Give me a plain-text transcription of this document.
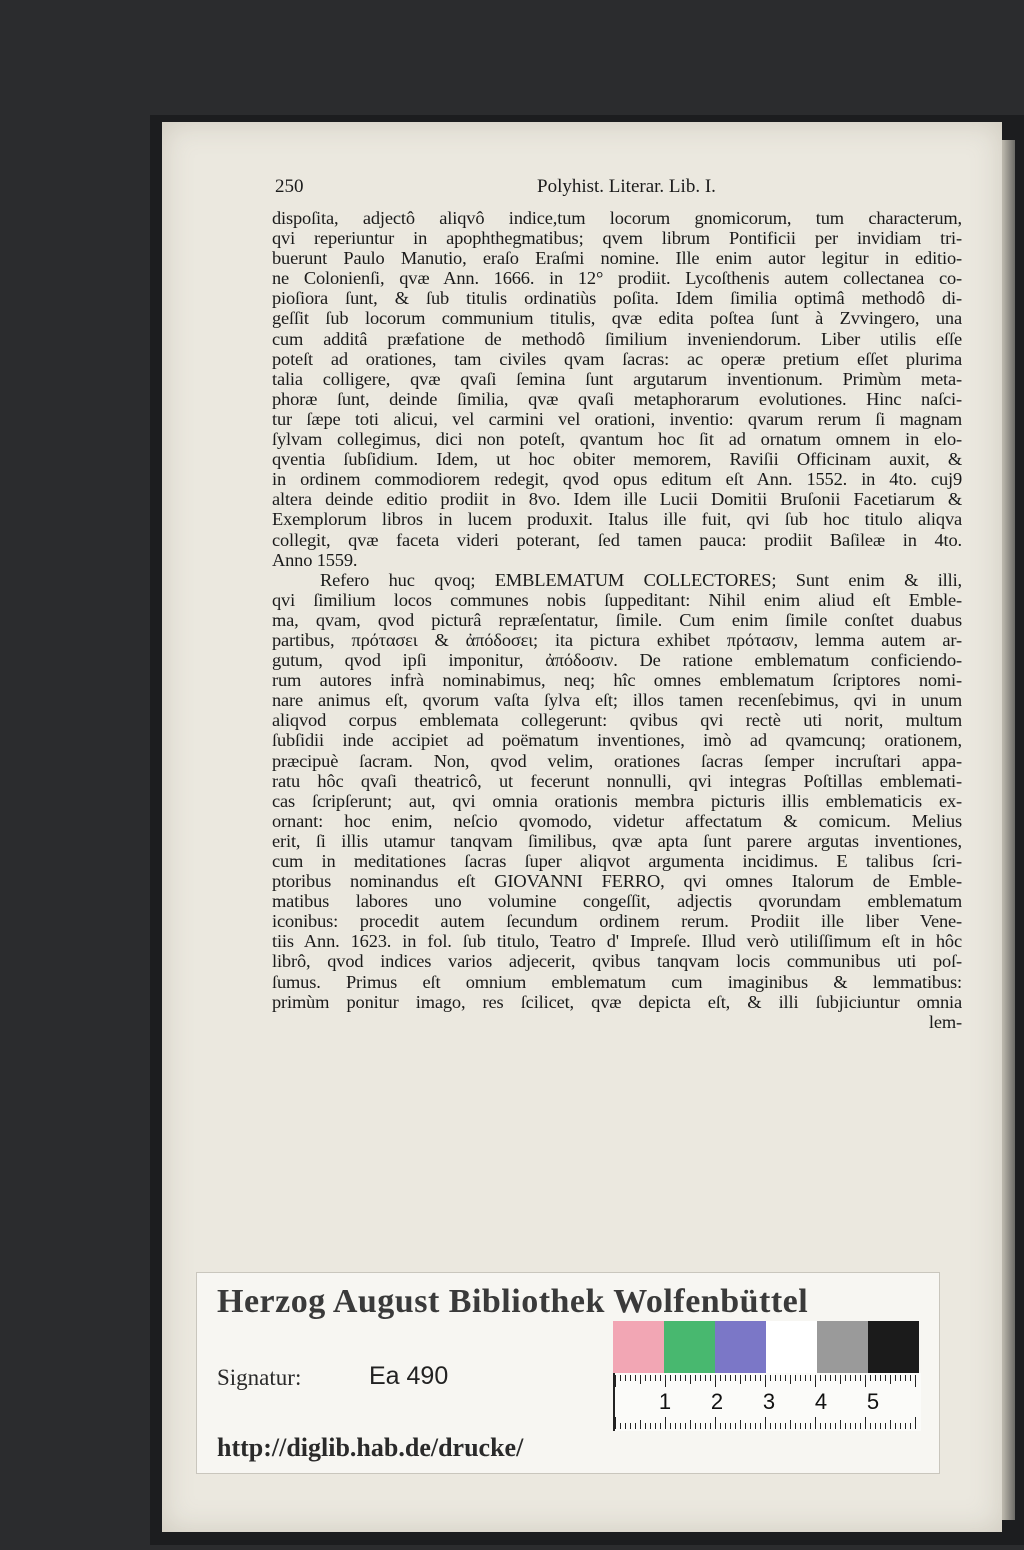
250	Polyhist. Literar. Lib. I.
dispoſita, adjectô aliqvô indice,tum locorum gnomicorum, tum characterum,
qvi reperiuntur in apophthegmatibus; qvem librum Pontificii per invidiam tri-
buerunt Paulo Manutio, eraſo Eraſmi nomine. Ille enim autor legitur in editio-
ne Colonienſi, qvæ Ann. 1666. in 12° prodiit. Lycoſthenis autem collectanea co-
pioſiora ſunt, & ſub titulis ordinatiùs poſita. Idem ſimilia optimâ methodô di-
geſſit ſub locorum communium titulis, qvæ edita poſtea ſunt à Zvvingero, una
cum additâ præfatione de methodô ſimilium inveniendorum. Liber utilis eſſe
poteſt ad orationes, tam civiles qvam ſacras: ac operæ pretium eſſet plurima
talia colligere, qvæ qvaſi ſemina ſunt argutarum inventionum. Primùm meta-
phoræ ſunt, deinde ſimilia, qvæ qvaſi metaphorarum evolutiones. Hinc naſci-
tur ſæpe toti alicui, vel carmini vel orationi, inventio: qvarum rerum ſi magnam
ſylvam collegimus, dici non poteſt, qvantum hoc ſit ad ornatum omnem in elo-
qventia ſubſidium. Idem, ut hoc obiter memorem, Raviſii Officinam auxit, &
in ordinem commodiorem redegit, qvod opus editum eſt Ann. 1552. in 4to. cuj9
altera deinde editio prodiit in 8vo. Idem ille Lucii Domitii Bruſonii Facetiarum &
Exemplorum libros in lucem produxit. Italus ille fuit, qvi ſub hoc titulo aliqva
collegit, qvæ faceta videri poterant, ſed tamen pauca: prodiit Baſileæ in 4to.
Anno 1559.
Refero huc qvoq; EMBLEMATUM COLLECTORES; Sunt enim & illi,
qvi ſimilium locos communes nobis ſuppeditant: Nihil enim aliud eſt Emble-
ma, qvam, qvod picturâ repræſentatur, ſimile. Cum enim ſimile conſtet duabus
partibus, πρότασει & ἀπόδοσει; ita pictura exhibet πρότασιν, lemma autem ar-
gutum, qvod ipſi imponitur, ἀπόδοσιν. De ratione emblematum conficiendo-
rum autores infrà nominabimus, neq; hîc omnes emblematum ſcriptores nomi-
nare animus eſt, qvorum vaſta ſylva eſt; illos tamen recenſebimus, qvi in unum
aliqvod corpus emblemata collegerunt: qvibus qvi rectè uti norit, multum
ſubſidii inde accipiet ad poëmatum inventiones, imò ad qvamcunq; orationem,
præcipuè ſacram. Non, qvod velim, orationes ſacras ſemper incruſtari appa-
ratu hôc qvaſi theatricô, ut fecerunt nonnulli, qvi integras Poſtillas emblemati-
cas ſcripſerunt; aut, qvi omnia orationis membra picturis illis emblematicis ex-
ornant: hoc enim, neſcio qvomodo, videtur affectatum & comicum. Melius
erit, ſi illis utamur tanqvam ſimilibus, qvæ apta ſunt parere argutas inventiones,
cum in meditationes ſacras ſuper aliqvot argumenta incidimus. E talibus ſcri-
ptoribus nominandus eſt GIOVANNI FERRO, qvi omnes Italorum de Emble-
matibus labores uno volumine congeſſit, adjectis qvorundam emblematum
iconibus: procedit autem ſecundum ordinem rerum. Prodiit ille liber Vene-
tiis Ann. 1623. in fol. ſub titulo, Teatro d' Impreſe. Illud verò utiliſſimum eſt in hôc
librô, qvod indices varios adjecerit, qvibus tanqvam locis communibus uti poſ-
ſumus. Primus eſt omnium emblematum cum imaginibus & lemmatibus:
primùm ponitur imago, res ſcilicet, qvæ depicta eſt, & illi ſubjiciuntur omnia
lem-
Herzog August Bibliothek Wolfenbüttel
Signatur:	Ea 490
1 2 3 4 5
http://diglib.hab.de/drucke/
